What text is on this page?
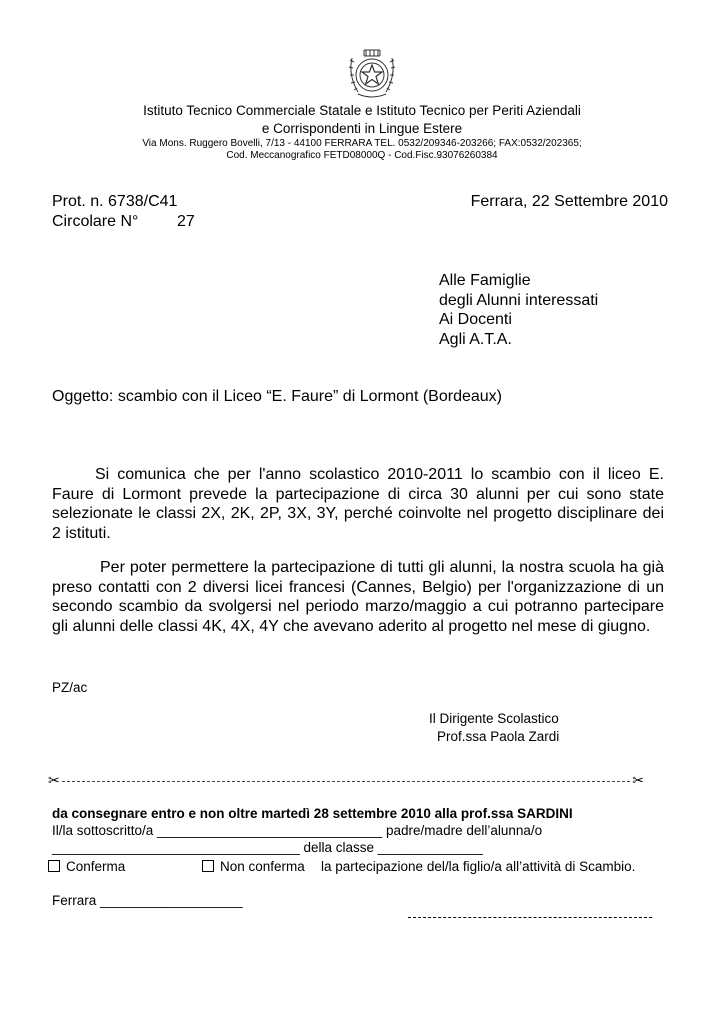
Istituto Tecnico Commerciale Statale e Istituto Tecnico per Periti Aziendali
e Corrispondenti in Lingue Estere
Via Mons. Ruggero Bovelli, 7/13 - 44100 FERRARA TEL. 0532/209346-203266; FAX:0532/202365;
Cod. Meccanografico FETD08000Q - Cod.Fisc.93076260384
Prot. n. 6738/C41	Ferrara, 22 Settembre 2010
Circolare N° 27
Alle Famiglie
degli Alunni interessati
Ai Docenti
Agli A.T.A.
Oggetto: scambio con il Liceo “E. Faure” di Lormont (Bordeaux)

Si comunica che per l'anno scolastico 2010-2011 lo scambio con il liceo E. Faure di Lormont prevede la partecipazione di circa 30 alunni per cui sono state selezionate le classi 2X, 2K, 2P, 3X, 3Y, perché coinvolte nel progetto disciplinare dei 2 istituti.

Per poter permettere la partecipazione di tutti gli alunni, la nostra scuola ha già preso contatti con 2 diversi licei francesi (Cannes, Belgio) per l'organizzazione di un secondo scambio da svolgersi nel periodo marzo/maggio a cui potranno partecipare gli alunni delle classi 4K, 4X, 4Y che avevano aderito al progetto nel mese di giugno.

PZ/ac
Il Dirigente Scolastico
Prof.ssa Paola Zardi
✂	✂
da consegnare entro e non oltre martedì 28 settembre 2010 alla prof.ssa SARDINI
Il/la sottoscritto/a ______________________________ padre/madre dell’alunna/o
_________________________________ della classe ______________
Conferma	Non conferma la partecipazione del/la figlio/a all’attività di Scambio.
Ferrara ___________________
